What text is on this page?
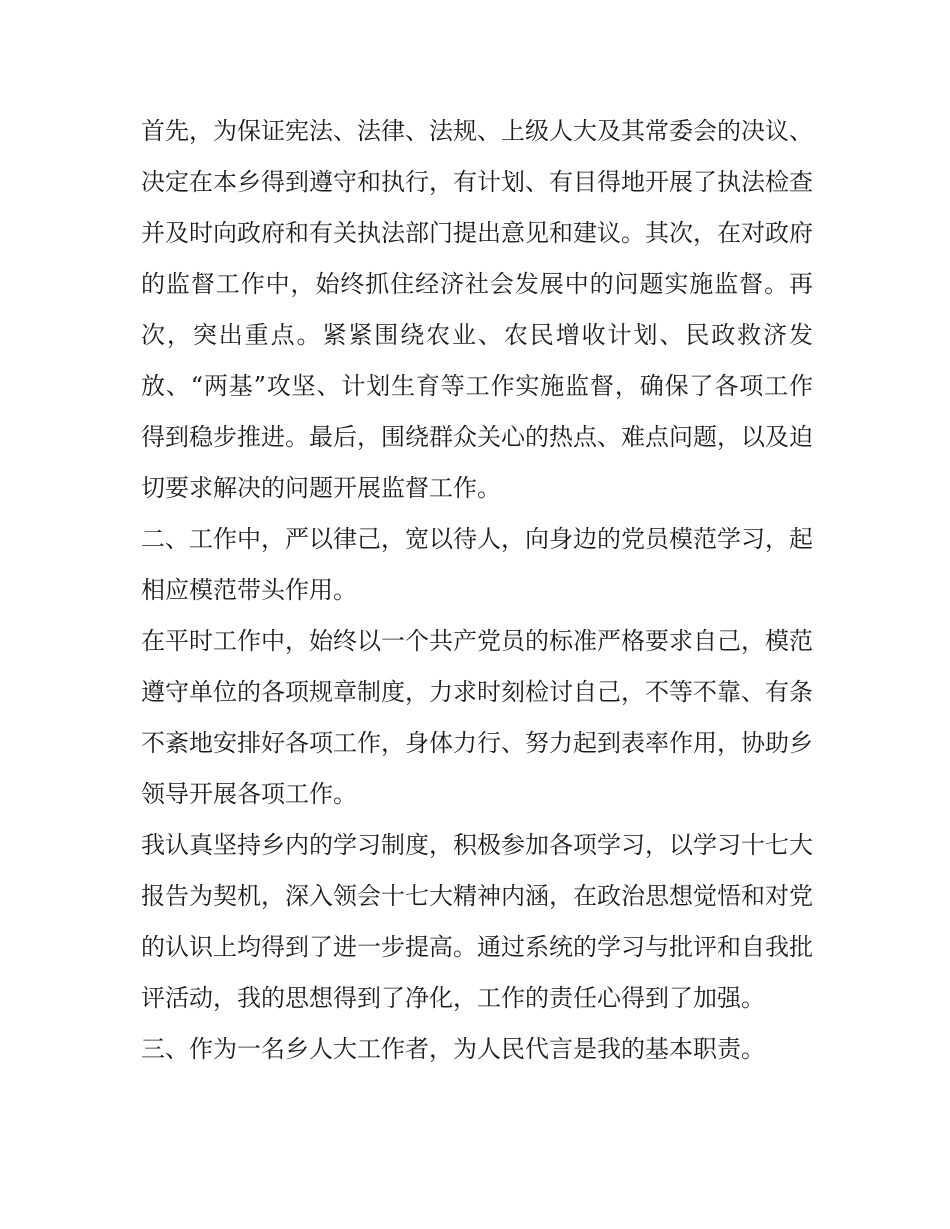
首先，为保证宪法、法律、法规、上级人大及其常委会的决议、决定在本乡得到遵守和执行，有计划、有目得地开展了执法检查并及时向政府和有关执法部门提出意见和建议。其次，在对政府的监督工作中，始终抓住经济社会发展中的问题实施监督。再次，突出重点。紧紧围绕农业、农民增收计划、民政救济发放、“两基”攻坚、计划生育等工作实施监督，确保了各项工作得到稳步推进。最后，围绕群众关心的热点、难点问题，以及迫切要求解决的问题开展监督工作。

二、工作中，严以律己，宽以待人，向身边的党员模范学习，起相应模范带头作用。

在平时工作中，始终以一个共产党员的标准严格要求自己，模范遵守单位的各项规章制度，力求时刻检讨自己，不等不靠、有条不紊地安排好各项工作，身体力行、努力起到表率作用，协助乡领导开展各项工作。

我认真坚持乡内的学习制度，积极参加各项学习，以学习十七大报告为契机，深入领会十七大精神内涵，在政治思想觉悟和对党的认识上均得到了进一步提高。通过系统的学习与批评和自我批评活动，我的思想得到了净化，工作的责任心得到了加强。

三、作为一名乡人大工作者，为人民代言是我的基本职责。
